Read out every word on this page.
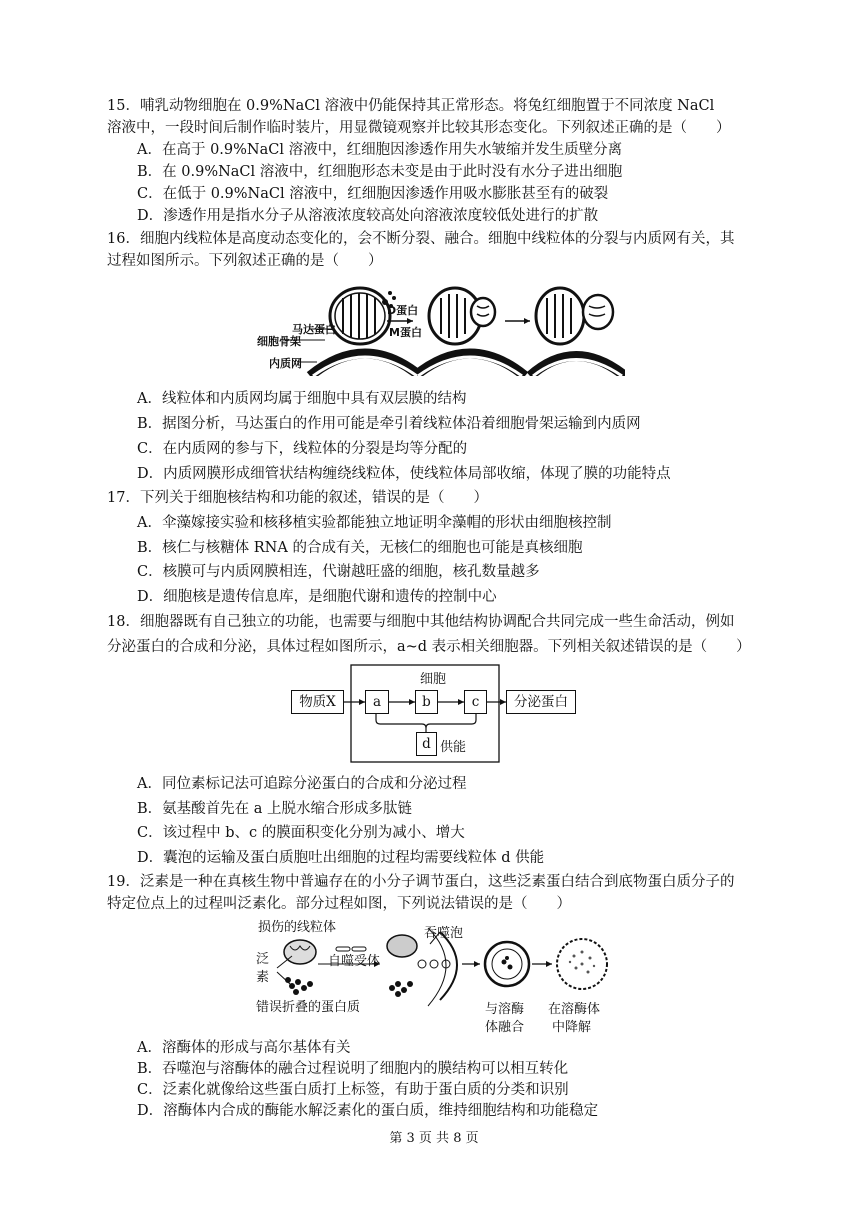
15．哺乳动物细胞在 0.9%NaCl 溶液中仍能保持其正常形态。将兔红细胞置于不同浓度 NaCl
溶液中，一段时间后制作临时装片，用显微镜观察并比较其形态变化。下列叙述正确的是（　　）
A．在高于 0.9%NaCl 溶液中，红细胞因渗透作用失水皱缩并发生质壁分离
B．在 0.9%NaCl 溶液中，红细胞形态未变是由于此时没有水分子进出细胞
C．在低于 0.9%NaCl 溶液中，红细胞因渗透作用吸水膨胀甚至有的破裂
D．渗透作用是指水分子从溶液浓度较高处向溶液浓度较低处进行的扩散
16．细胞内线粒体是高度动态变化的，会不断分裂、融合。细胞中线粒体的分裂与内质网有关，其
过程如图所示。下列叙述正确的是（　　）
D蛋白
M蛋白
马达蛋白
细胞骨架
内质网
A．线粒体和内质网均属于细胞中具有双层膜的结构
B．据图分析，马达蛋白的作用可能是牵引着线粒体沿着细胞骨架运输到内质网
C．在内质网的参与下，线粒体的分裂是均等分配的
D．内质网膜形成细管状结构缠绕线粒体，使线粒体局部收缩，体现了膜的功能特点
17．下列关于细胞核结构和功能的叙述，错误的是（　　）
A．伞藻嫁接实验和核移植实验都能独立地证明伞藻帽的形状由细胞核控制
B．核仁与核糖体 RNA 的合成有关，无核仁的细胞也可能是真核细胞
C．核膜可与内质网膜相连，代谢越旺盛的细胞，核孔数量越多
D．细胞核是遗传信息库，是细胞代谢和遗传的控制中心
18．细胞器既有自己独立的功能，也需要与细胞中其他结构协调配合共同完成一些生命活动，例如
分泌蛋白的合成和分泌，具体过程如图所示，a~d 表示相关细胞器。下列相关叙述错误的是（　　）
细胞
物质X	a	b	c	分泌蛋白
d 供能
A．同位素标记法可追踪分泌蛋白的合成和分泌过程
B．氨基酸首先在 a 上脱水缩合形成多肽链
C．该过程中 b、c 的膜面积变化分别为减小、增大
D．囊泡的运输及蛋白质胞吐出细胞的过程均需要线粒体 d 供能
19．泛素是一种在真核生物中普遍存在的小分子调节蛋白，这些泛素蛋白结合到底物蛋白质分子的
特定位点上的过程叫泛素化。部分过程如图，下列说法错误的是（　　）
损伤的线粒体	吞噬泡
泛
素
自噬受体
错误折叠的蛋白质	与溶酶
体融合
在溶酶体
中降解
A．溶酶体的形成与高尔基体有关
B．吞噬泡与溶酶体的融合过程说明了细胞内的膜结构可以相互转化
C．泛素化就像给这些蛋白质打上标签，有助于蛋白质的分类和识别
D．溶酶体内合成的酶能水解泛素化的蛋白质，维持细胞结构和功能稳定
第 3 页 共 8 页
